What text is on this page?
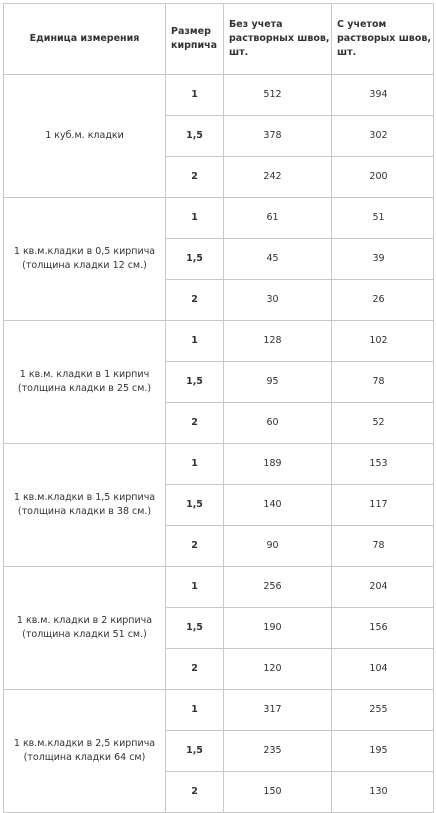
Единица измерения	Размер кирпича	Без учета растворных швов, шт.	С учетом растворых швов, шт.
1 куб.м. кладки	1	512	394
	1,5	378	302
	2	242	200
1 кв.м.кладки в 0,5 кирпича (толщина кладки 12 см.)	1	61	51
	1,5	45	39
	2	30	26
1 кв.м. кладки в 1 кирпич (толщина кладки в 25 см.)	1	128	102
	1,5	95	78
	2	60	52
1 кв.м.кладки в 1,5 кирпича (толщина кладки в 38 см.)	1	189	153
	1,5	140	117
	2	90	78
1 кв.м. кладки в 2 кирпича (толщина кладки 51 см.)	1	256	204
	1,5	190	156
	2	120	104
1 кв.м.кладки в 2,5 кирпича (толщина кладки 64 см)	1	317	255
	1,5	235	195
	2	150	130
